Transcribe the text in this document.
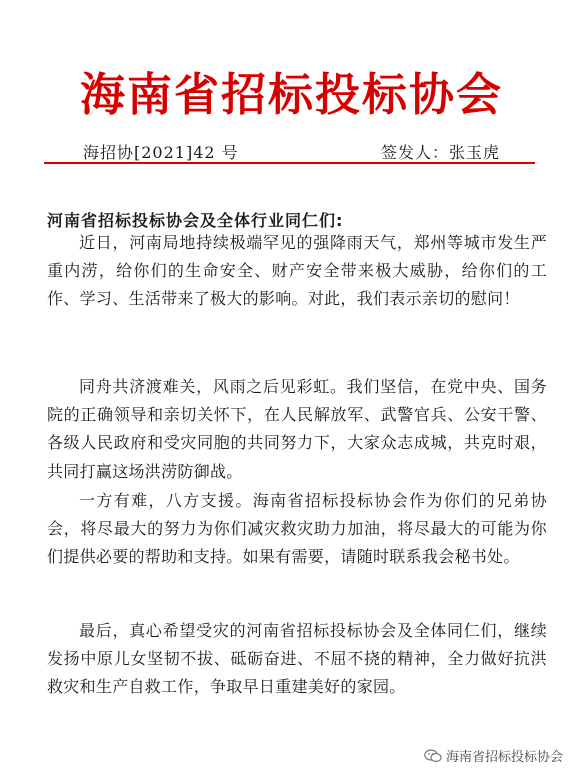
海南省招标投标协会
海招协[2021]42 号	签发人：张玉虎
河南省招标投标协会及全体行业同仁们:

近日，河南局地持续极端罕见的强降雨天气，郑州等城市发生严重内涝，给你们的生命安全、财产安全带来极大威胁，给你们的工作、学习、生活带来了极大的影响。对此，我们表示亲切的慰问！

同舟共济渡难关，风雨之后见彩虹。我们坚信，在党中央、国务院的正确领导和亲切关怀下，在人民解放军、武警官兵、公安干警、各级人民政府和受灾同胞的共同努力下，大家众志成城，共克时艰，共同打赢这场洪涝防御战。

一方有难，八方支援。海南省招标投标协会作为你们的兄弟协会，将尽最大的努力为你们减灾救灾助力加油，将尽最大的可能为你们提供必要的帮助和支持。如果有需要，请随时联系我会秘书处。

最后，真心希望受灾的河南省招标投标协会及全体同仁们，继续发扬中原儿女坚韧不拔、砥砺奋进、不屈不挠的精神，全力做好抗洪救灾和生产自救工作，争取早日重建美好的家园。

海南省招标投标协会
